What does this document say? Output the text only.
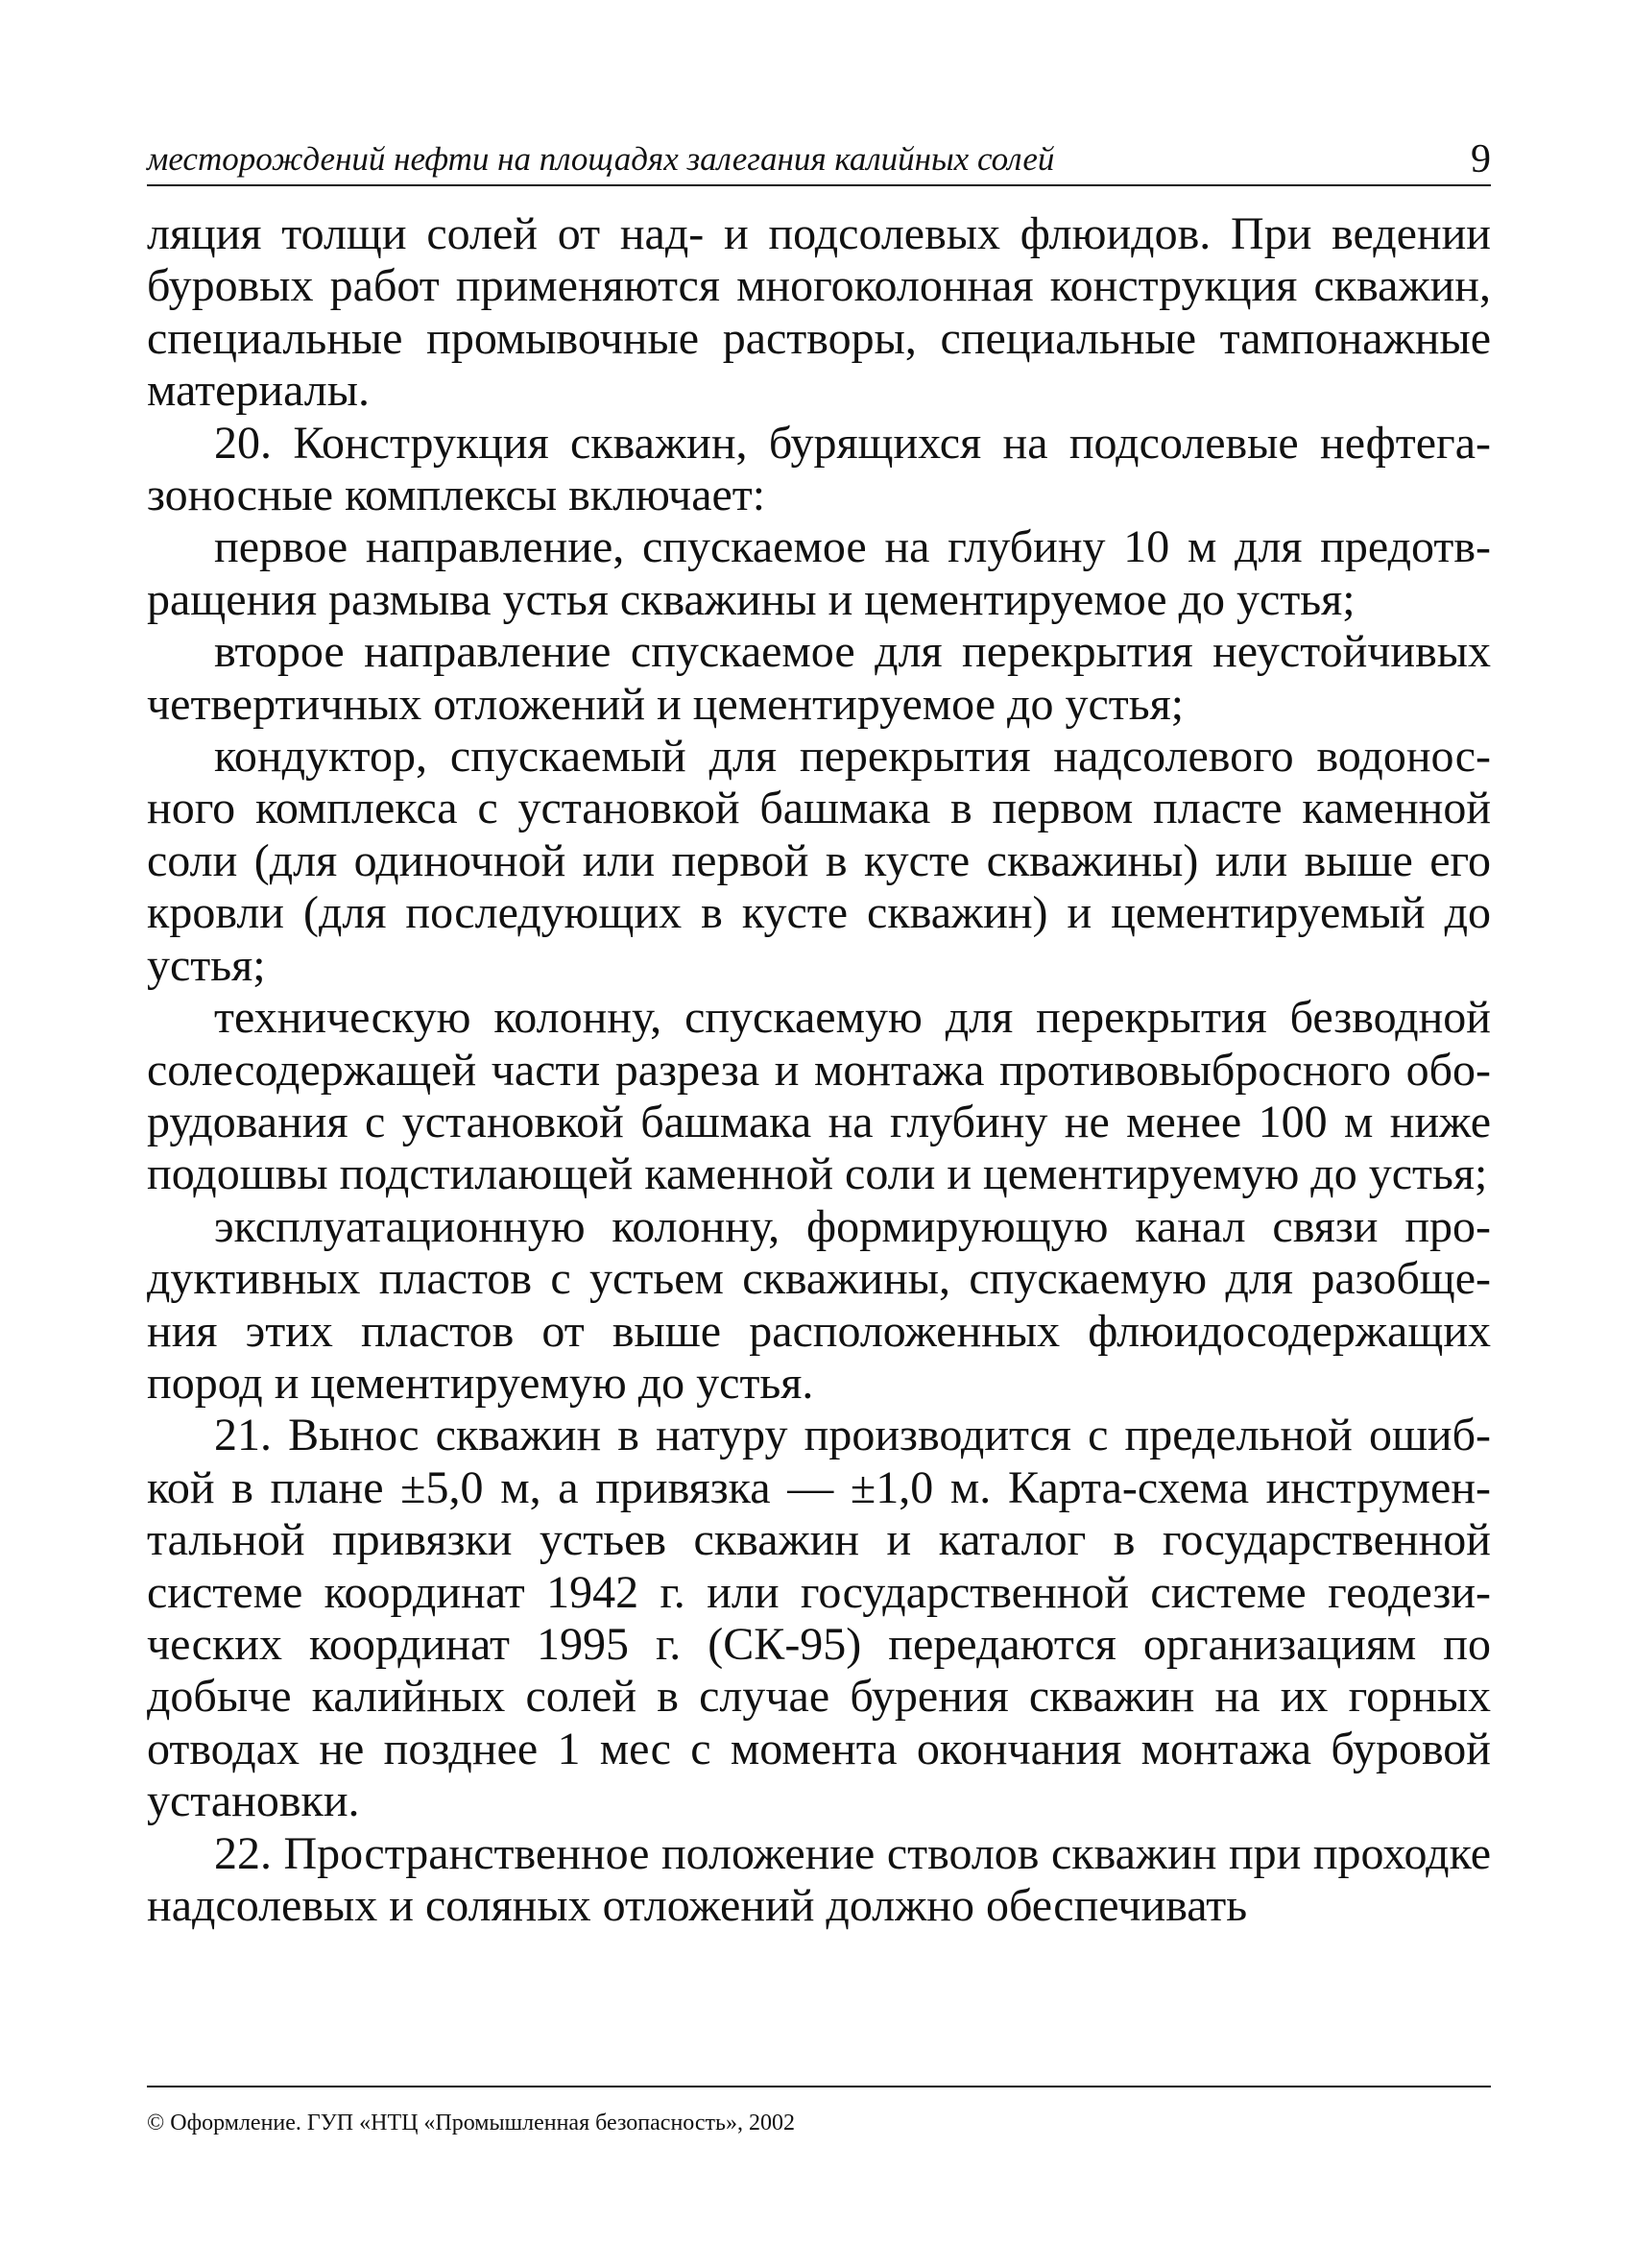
месторождений нефти на площадях залегания калийных солей	9

ляция толщи солей от над- и подсолевых флюидов. При ведении буровых работ применяются многоколонная конструкция скважин, специальные промывочные растворы, специальные тампонажные материалы.

20. Конструкция скважин, бурящихся на подсолевые нефтегазоносные комплексы включает:

первое направление, спускаемое на глубину 10 м для предотвращения размыва устья скважины и цементируемое до устья;

второе направление спускаемое для перекрытия неустойчивых четвертичных отложений и цементируемое до устья;

кондуктор, спускаемый для перекрытия надсолевого водоносного комплекса с установкой башмака в первом пласте каменной соли (для одиночной или первой в кусте скважины) или выше его кровли (для последующих в кусте скважин) и цементируемый до устья;

техническую колонну, спускаемую для перекрытия безводной солесодержащей части разреза и монтажа противовыбросного оборудования с установкой башмака на глубину не менее 100 м ниже подошвы подстилающей каменной соли и цементируемую до устья;

эксплуатационную колонну, формирующую канал связи продуктивных пластов с устьем скважины, спускаемую для разобщения этих пластов от выше расположенных флюидосодержащих пород и цементируемую до устья.

21. Вынос скважин в натуру производится с предельной ошибкой в плане ±5,0 м, а привязка — ±1,0 м. Карта-схема инструментальной привязки устьев скважин и каталог в государственной системе координат 1942 г. или государственной системе геодезических координат 1995 г. (СК-95) передаются организациям по добыче калийных солей в случае бурения скважин на их горных отводах не позднее 1 мес с момента окончания монтажа буровой установки.

22. Пространственное положение стволов скважин при проходке надсолевых и соляных отложений должно обеспечивать

© Оформление. ГУП «НТЦ «Промышленная безопасность», 2002
